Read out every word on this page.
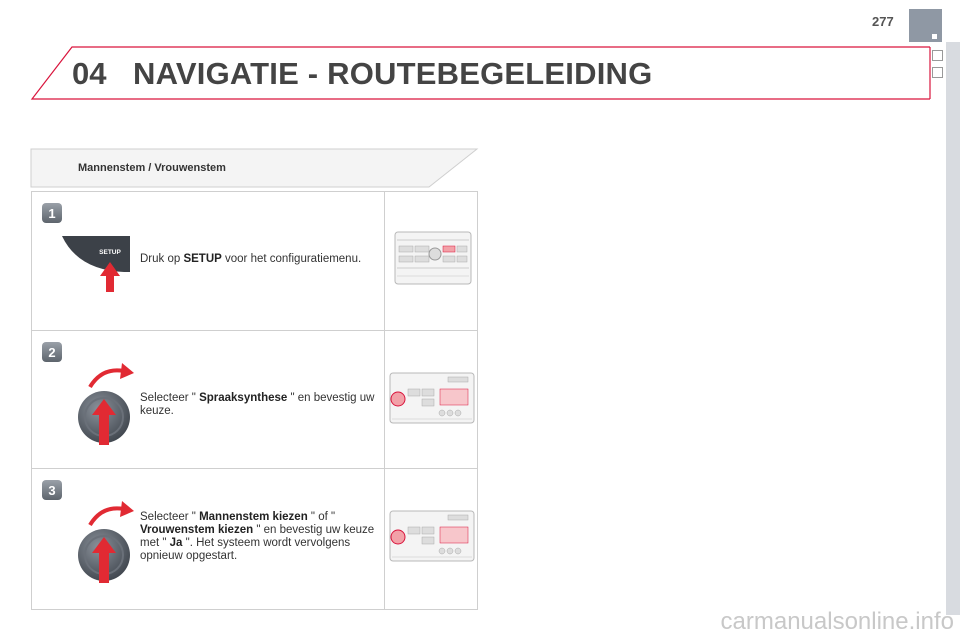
277
04 NAVIGATIE - ROUTEBEGELEIDING
Mannenstem / Vrouwenstem
1
SETUP
Druk op SETUP voor het configuratiemenu.
2
Selecteer " Spraaksynthese " en bevestig uw keuze.
3
Selecteer " Mannenstem kiezen " of " Vrouwenstem kiezen " en bevestig uw keuze met " Ja ". Het systeem wordt vervolgens opnieuw opgestart.
carmanualsonline.info
